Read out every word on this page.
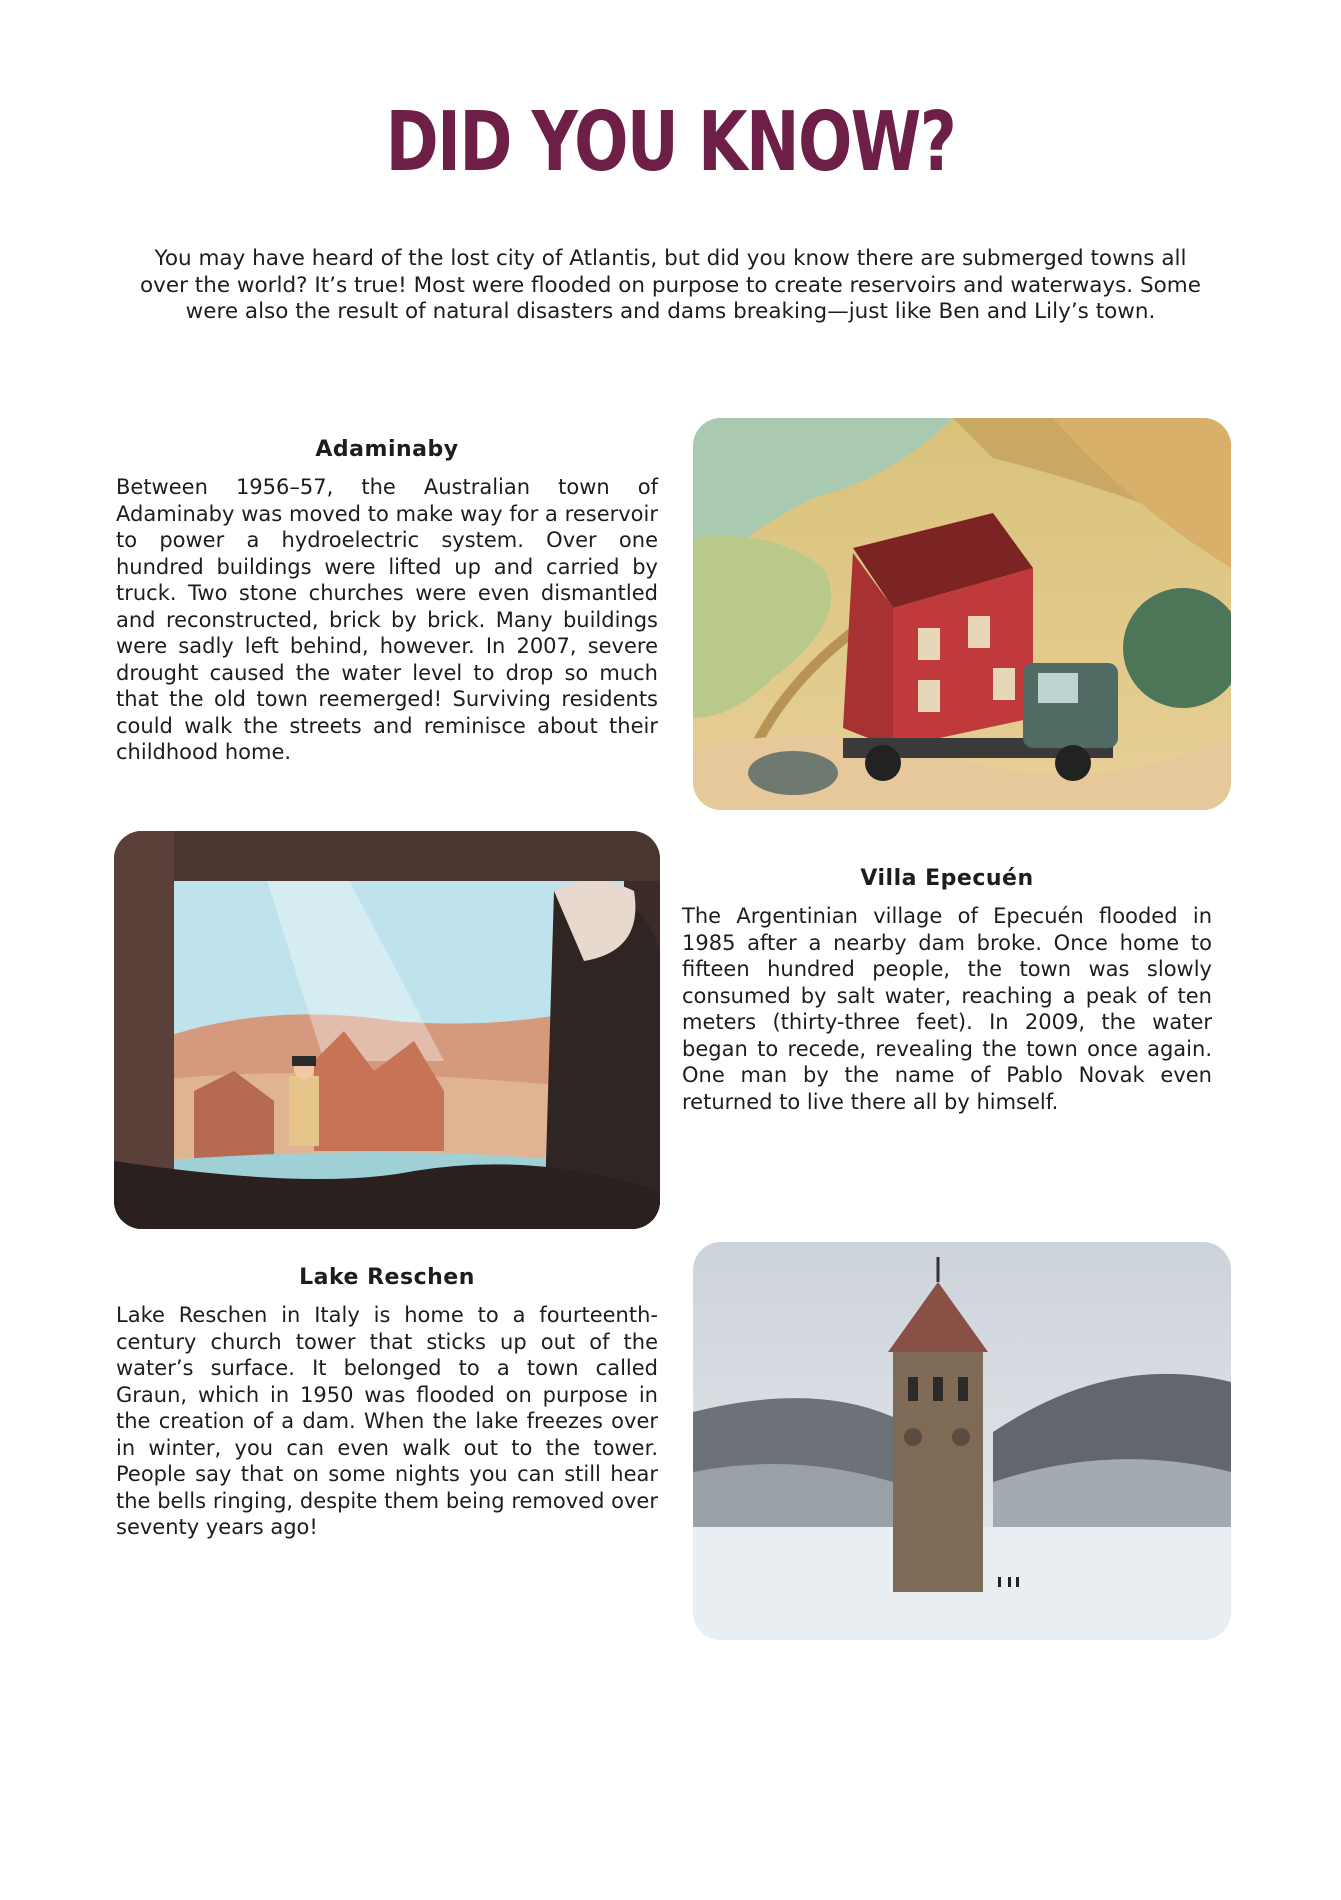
DID YOU KNOW?
You may have heard of the lost city of Atlantis, but did you know there are submerged towns all over the world? It’s true! Most were flooded on purpose to create reservoirs and waterways. Some were also the result of natural disasters and dams breaking—just like Ben and Lily’s town.
Adaminaby

Between 1956–57, the Australian town of Adaminaby was moved to make way for a reservoir to power a hydroelectric system. Over one hundred buildings were lifted up and carried by truck. Two stone churches were even dismantled and reconstructed, brick by brick. Many buildings were sadly left behind, however. In 2007, severe drought caused the water level to drop so much that the old town reemerged! Surviving residents could walk the streets and reminisce about their childhood home.

Villa Epecuén

The Argentinian village of Epecuén flooded in 1985 after a nearby dam broke. Once home to fifteen hundred people, the town was slowly consumed by salt water, reaching a peak of ten meters (thirty-three feet). In 2009, the water began to recede, revealing the town once again. One man by the name of Pablo Novak even returned to live there all by himself.

Lake Reschen

Lake Reschen in Italy is home to a fourteenth-century church tower that sticks up out of the water’s surface. It belonged to a town called Graun, which in 1950 was flooded on purpose in the creation of a dam. When the lake freezes over in winter, you can even walk out to the tower. People say that on some nights you can still hear the bells ringing, despite them being removed over seventy years ago!
